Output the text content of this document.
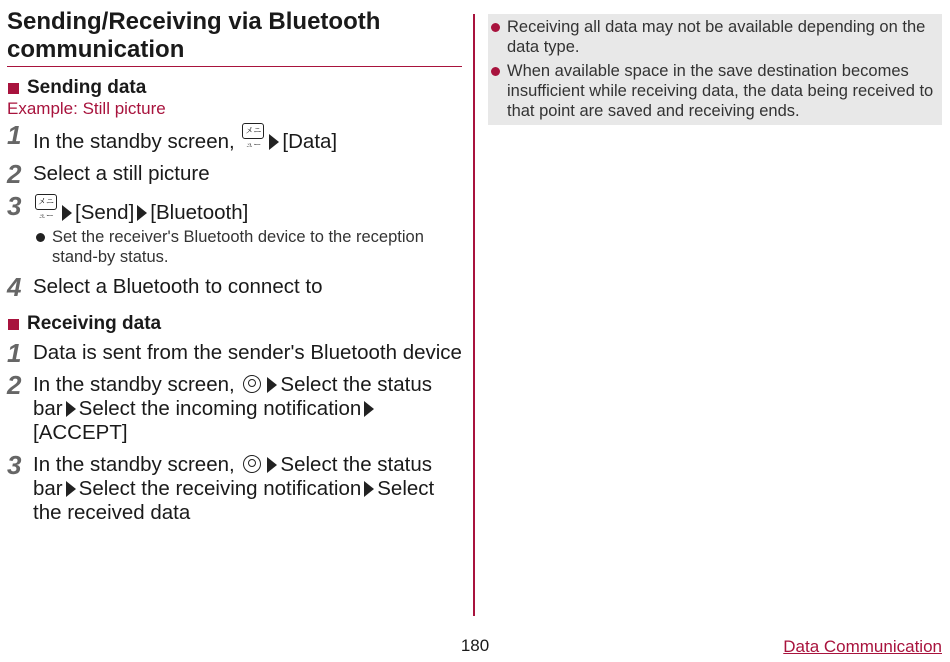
Sending/Receiving via Bluetooth communication
Sending data
Example: Still picture
1 In the standby screen, メニュー [Data]
2 Select a still picture
3	メニュー [Send] [Bluetooth]
Set the receiver's Bluetooth device to the reception stand-by status.
4 Select a Bluetooth to connect to
Receiving data
1 Data is sent from the sender's Bluetooth device
2 In the standby screen, Select the status bar Select the incoming notification[ACCEPT]
3 In the standby screen, Select the status bar Select the receiving notification Select the received data
Receiving all data may not be available depending on the data type.
When available space in the save destination becomes insufficient while receiving data, the data being received to that point are saved and receiving ends.
180	Data Communication
